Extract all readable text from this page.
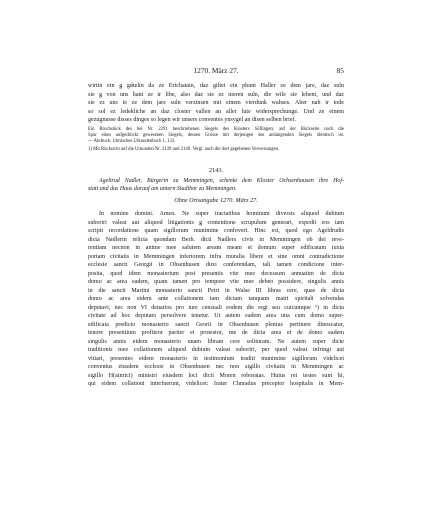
1270. März 27.	85

wirtin ein ǥ gǿtelin da ze Erichatain, daz giltet ein phunt Haller ze dem jare, daz suln

sie ǥ von uns hant ze ir libe, also daz sie ez nieren suln, die wile sie lebent, und daz

sie ez uns ie ze dem jare suln verzinsen mit einem vierdunk wahses. Aber nah ir tode

so sol ez ledekliche an daz closter vallen an aller lute widersprechunge. Und ze einem

gezugnusse disses dinges so legen wir unsers conventes ynsygel an disen selben brief.

Ein Bruchstück des bei Nr. 2291 beschriebenen Siegels des Klosters Söflingen; auf der Rückseite noch die

Spur eines aufgedrückt gewesenen Siegels, dessen Grösse mit derjenigen des anhängenden Siegels identisch ist.

— Abdruck: Ulmisches Urkundenbuch 1, 133.

1) Mit Rücksicht auf die Urkunden Nr. 2139 und 2140. Vergl. auch die dort gegebenen Verweisungen.

2143.

Ageltrud Nadler, Bürgerin zu Memmingen, schenkt dem Kloster Ochsenhausen ihre Hof-

statt und das Haus darauf am untern Stadthor zu Memmingen.

Ohne Ortsangabe 1270. März 27.

In nomine domini. Amen. Ne super tractatibus hominum diversis aliquod dubium

suboriri valeat aut aliquod litigationis ǥ contentione scrupulum generari, expedit eos tam

scripti recordatione quam sigillorum munimine confoveri. Hinc est, quod ego Ageldrudis

dicta Nadlerin relicta quondam Berh. dicti Nadlers civis in Memmingen ob dei reve-

rentiam necnon in anime mee salutem aream meam et domum super edificatam iuxta

portam civitatis in Memmingen inferiorem infra muralia libere et sine omni contradictione

ecclesie sancti Georgii in Ohsenhusen duxi conferendam, tali tamen condicione inter-

posita, quod idem monasterium post presentis vite mee decessum annuatim de dicta

domo ac area eadem, quam tamen pro tempore vite mee debeo possidere, singulis annis

in die sancti Martini monasterio sancti Petri in Walse III libras cere, quas de dicta

domo ac area eidem ante collationem iam dictam tanquam matri spiritali solvendas

deputavi, nec non VI denarios pro iure censuali eodem die regi seu cuicumque ¹) in dicta

civitate ad hoc deputato persolvere tenetur. Ut autem eadem area una cum domo super-

edificata predicto monasterio sancti Georii in Ohsenhusen plenius pertinere dinoscatur,

tenore presentium profiteor pariter et protestor, me de dicta area et de domo eadem

singulis annis eidem monasterio unam libram cere solituram. Ne autem super dicte

traditionis mee collationem aliquod dubium valeat suboriri, per quod valeat infringi aut

vitiari, presentes eidem monasterio in testimonium traditi munimine sigillorum videlicet

conventus eiusdem ecclesie in Ohsenhusen nec non sigillo civitatis in Memmingen ac

sigillo H(ainrici) ministri eiusdem loci dicti Moren roboratas. Huius rei testes sunt hi,

qui eidem collationi interfuerunt, videlicet: frater Chnradus preceptor hospitalis in Mem-
